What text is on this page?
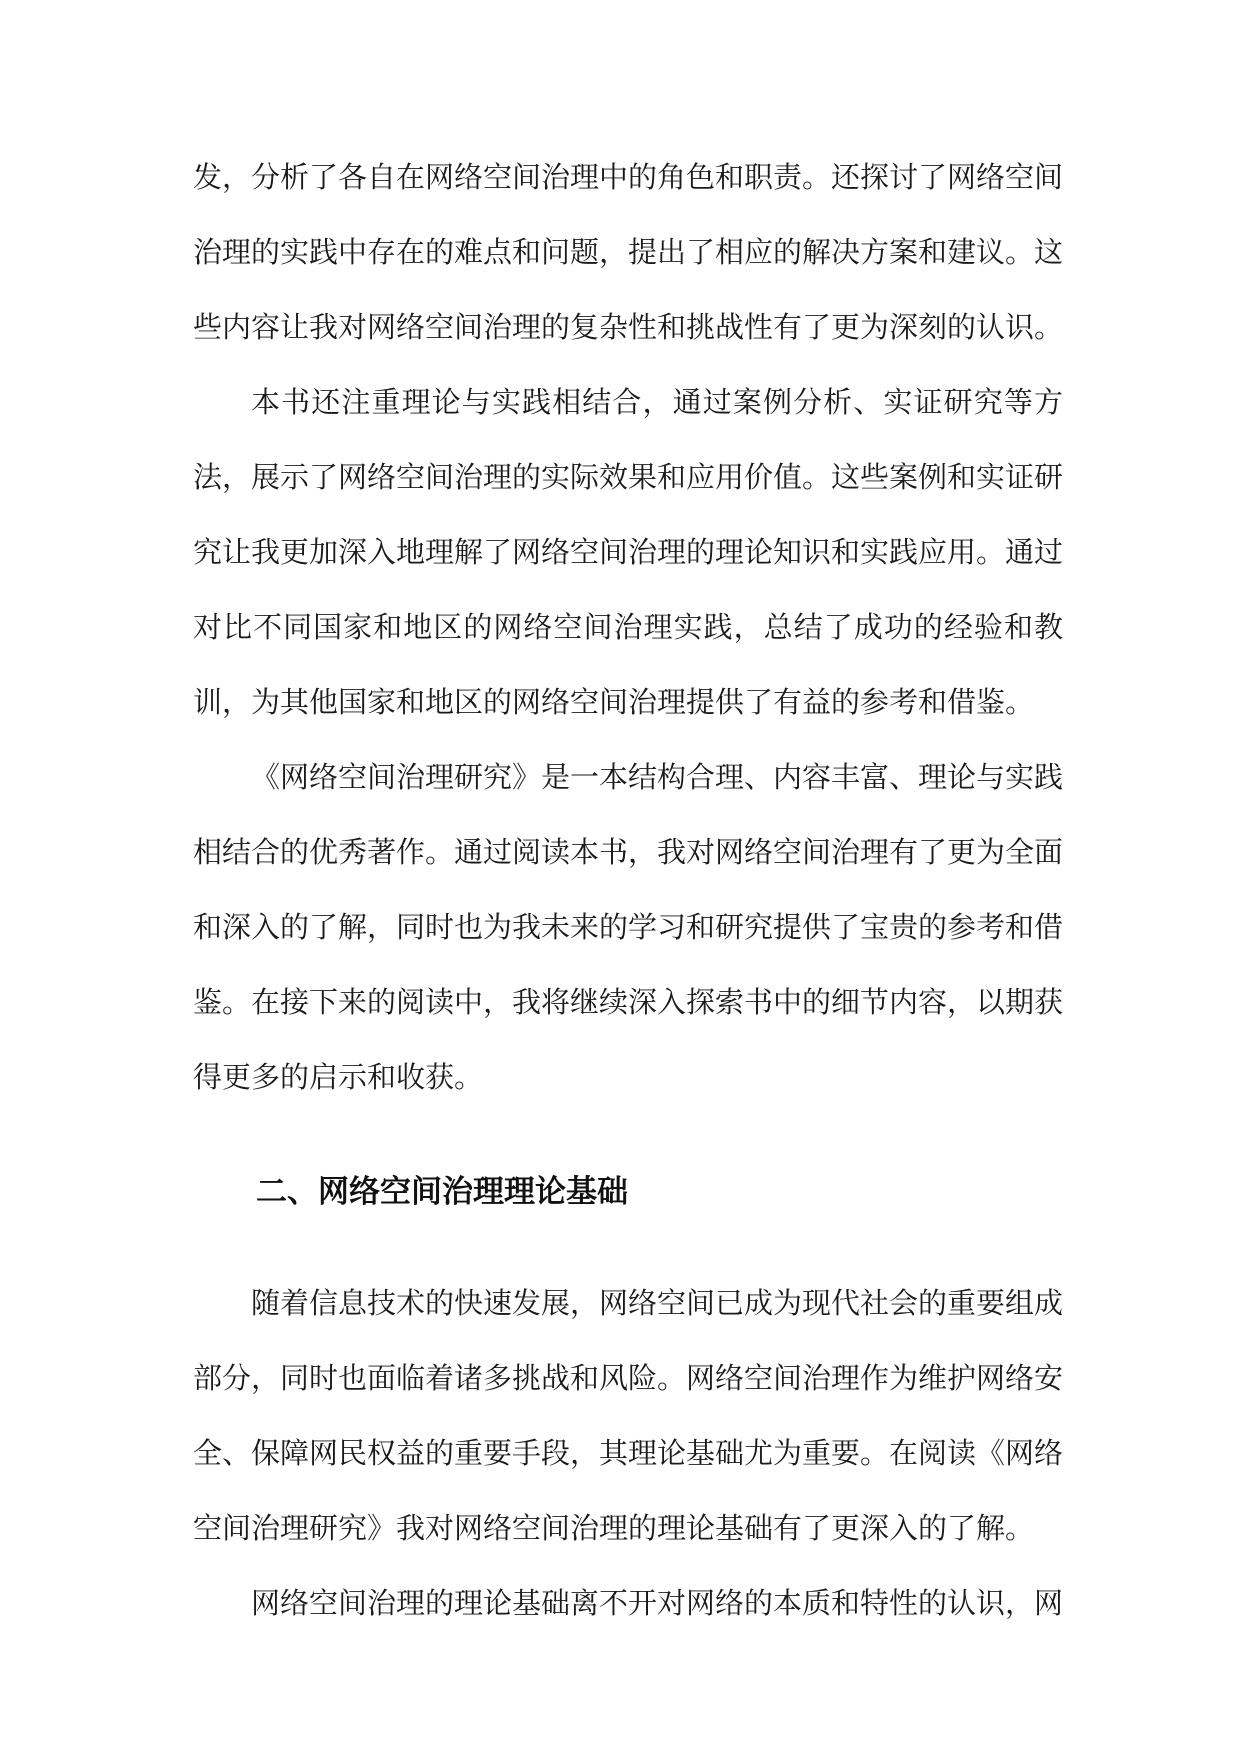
发，分析了各自在网络空间治理中的角色和职责。还探讨了网络空间治理的实践中存在的难点和问题，提出了相应的解决方案和建议。这些内容让我对网络空间治理的复杂性和挑战性有了更为深刻的认识。

本书还注重理论与实践相结合，通过案例分析、实证研究等方法，展示了网络空间治理的实际效果和应用价值。这些案例和实证研究让我更加深入地理解了网络空间治理的理论知识和实践应用。通过对比不同国家和地区的网络空间治理实践，总结了成功的经验和教训，为其他国家和地区的网络空间治理提供了有益的参考和借鉴。

《网络空间治理研究》是一本结构合理、内容丰富、理论与实践相结合的优秀著作。通过阅读本书，我对网络空间治理有了更为全面和深入的了解，同时也为我未来的学习和研究提供了宝贵的参考和借鉴。在接下来的阅读中，我将继续深入探索书中的细节内容，以期获得更多的启示和收获。

二、网络空间治理理论基础

随着信息技术的快速发展，网络空间已成为现代社会的重要组成部分，同时也面临着诸多挑战和风险。网络空间治理作为维护网络安全、保障网民权益的重要手段，其理论基础尤为重要。在阅读《网络空间治理研究》我对网络空间治理的理论基础有了更深入的了解。

网络空间治理的理论基础离不开对网络的本质和特性的认识，网
